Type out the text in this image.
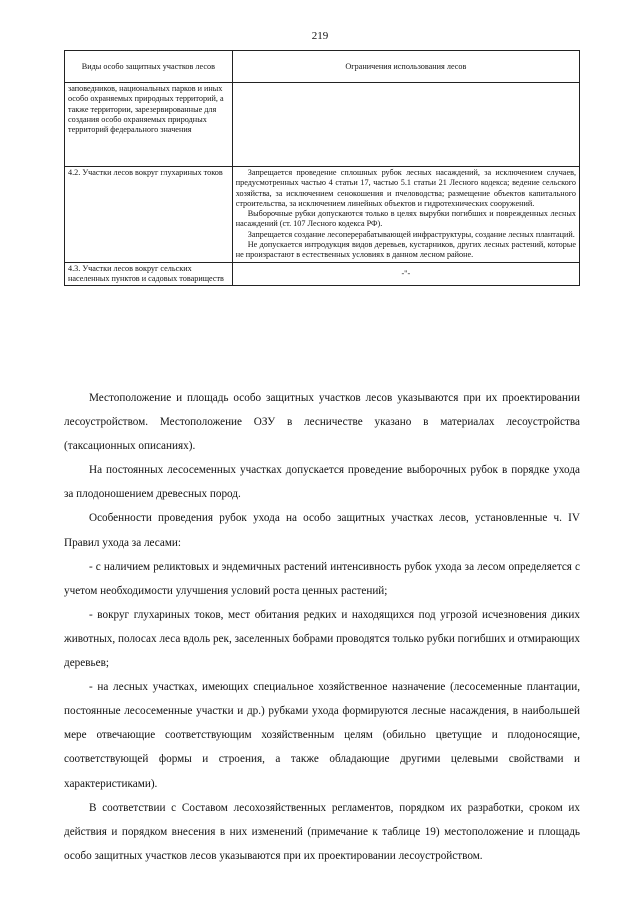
219
Виды особо защитных участков лесов	Ограничения использования лесов
заповедников, национальных парков и иных особо охраняемых природных территорий, а также территории, зарезервированные для создания особо охраняемых природных территорий федерального значения	
4.2. Участки лесов вокруг глухариных токов	Запрещается проведение сплошных рубок лесных насаждений, за исключением случаев, предусмотренных частью 4 статьи 17, частью 5.1 статьи 21 Лесного кодекса; ведение сельского хозяйства, за исключением сенокошения и пчеловодства; размещение объектов капитального строительства, за исключением линейных объектов и гидротехнических сооружений.

Выборочные рубки допускаются только в целях вырубки погибших и поврежденных лесных насаждений (ст. 107 Лесного кодекса РФ).

Запрещается создание лесоперерабатывающей инфраструктуры, создание лесных плантаций.

Не допускается интродукция видов деревьев, кустарников, других лесных растений, которые не произрастают в естественных условиях в данном лесном районе.

4.3. Участки лесов вокруг сельских населенных пунктов и садовых товариществ	-"-

Местоположение и площадь особо защитных участков лесов указываются при их проектировании лесоустройством. Местоположение ОЗУ в лесничестве указано в материалах лесоустройства (таксационных описаниях).

На постоянных лесосеменных участках допускается проведение выборочных рубок в порядке ухода за плодоношением древесных пород.

Особенности проведения рубок ухода на особо защитных участках лесов, установленные ч. IV Правил ухода за лесами:

- с наличием реликтовых и эндемичных растений интенсивность рубок ухода за лесом определяется с учетом необходимости улучшения условий роста ценных растений;

- вокруг глухариных токов, мест обитания редких и находящихся под угрозой исчезновения диких животных, полосах леса вдоль рек, заселенных бобрами проводятся только рубки погибших и отмирающих деревьев;

- на лесных участках, имеющих специальное хозяйственное назначение (лесосеменные плантации, постоянные лесосеменные участки и др.) рубками ухода формируются лесные насаждения, в наибольшей мере отвечающие соответствующим хозяйственным целям (обильно цветущие и плодоносящие, соответствующей формы и строения, а также обладающие другими целевыми свойствами и характеристиками).

В соответствии с Составом лесохозяйственных регламентов, порядком их разработки, сроком их действия и порядком внесения в них изменений (примечание к таблице 19) местоположение и площадь особо защитных участков лесов указываются при их проектировании лесоустройством.
